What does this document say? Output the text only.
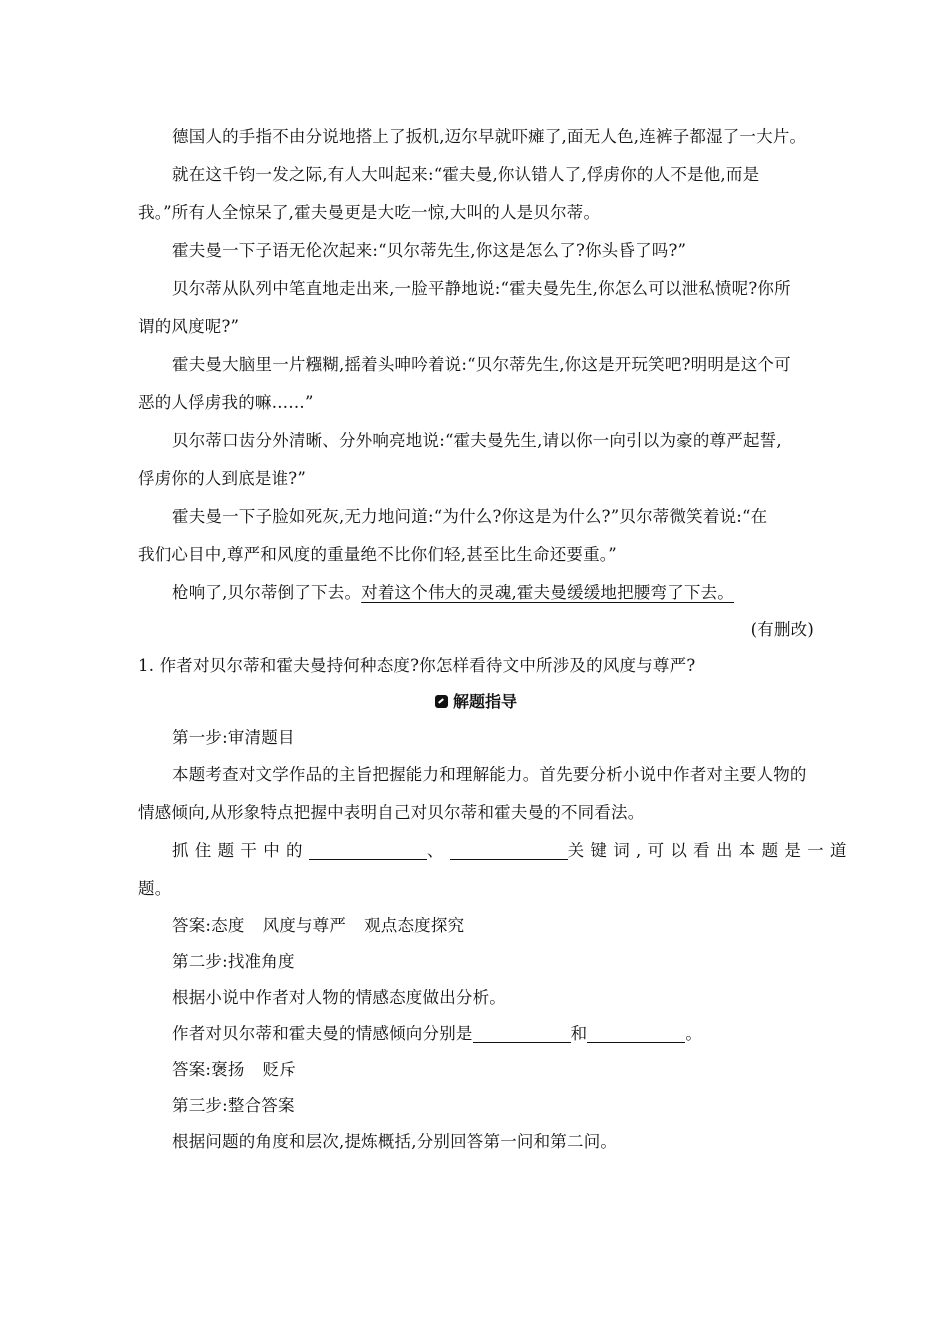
德国人的手指不由分说地搭上了扳机,迈尔早就吓瘫了,面无人色,连裤子都湿了一大片。
就在这千钧一发之际,有人大叫起来:“霍夫曼,你认错人了,俘虏你的人不是他,而是
我。”所有人全惊呆了,霍夫曼更是大吃一惊,大叫的人是贝尔蒂。
霍夫曼一下子语无伦次起来:“贝尔蒂先生,你这是怎么了?你头昏了吗?”
贝尔蒂从队列中笔直地走出来,一脸平静地说:“霍夫曼先生,你怎么可以泄私愤呢?你所
谓的风度呢?”
霍夫曼大脑里一片糨糊,摇着头呻吟着说:“贝尔蒂先生,你这是开玩笑吧?明明是这个可
恶的人俘虏我的嘛……”
贝尔蒂口齿分外清晰、分外响亮地说:“霍夫曼先生,请以你一向引以为豪的尊严起誓,
俘虏你的人到底是谁?”
霍夫曼一下子脸如死灰,无力地问道:“为什么?你这是为什么?”贝尔蒂微笑着说:“在
我们心目中,尊严和风度的重量绝不比你们轻,甚至比生命还要重。”
枪响了,贝尔蒂倒了下去。对着这个伟大的灵魂,霍夫曼缓缓地把腰弯了下去。
(有删改)
1. 作者对贝尔蒂和霍夫曼持何种态度?你怎样看待文中所涉及的风度与尊严?
解题指导
第一步:审清题目
本题考查对文学作品的主旨把握能力和理解能力。首先要分析小说中作者对主要人物的
情感倾向,从形象特点把握中表明自己对贝尔蒂和霍夫曼的不同看法。
抓住题干中的	、	关键词,可以看出本题是一道
题。
答案:态度 风度与尊严 观点态度探究
第二步:找准角度
根据小说中作者对人物的情感态度做出分析。
作者对贝尔蒂和霍夫曼的情感倾向分别是	和	。
答案:褒扬 贬斥
第三步:整合答案
根据问题的角度和层次,提炼概括,分别回答第一问和第二问。
